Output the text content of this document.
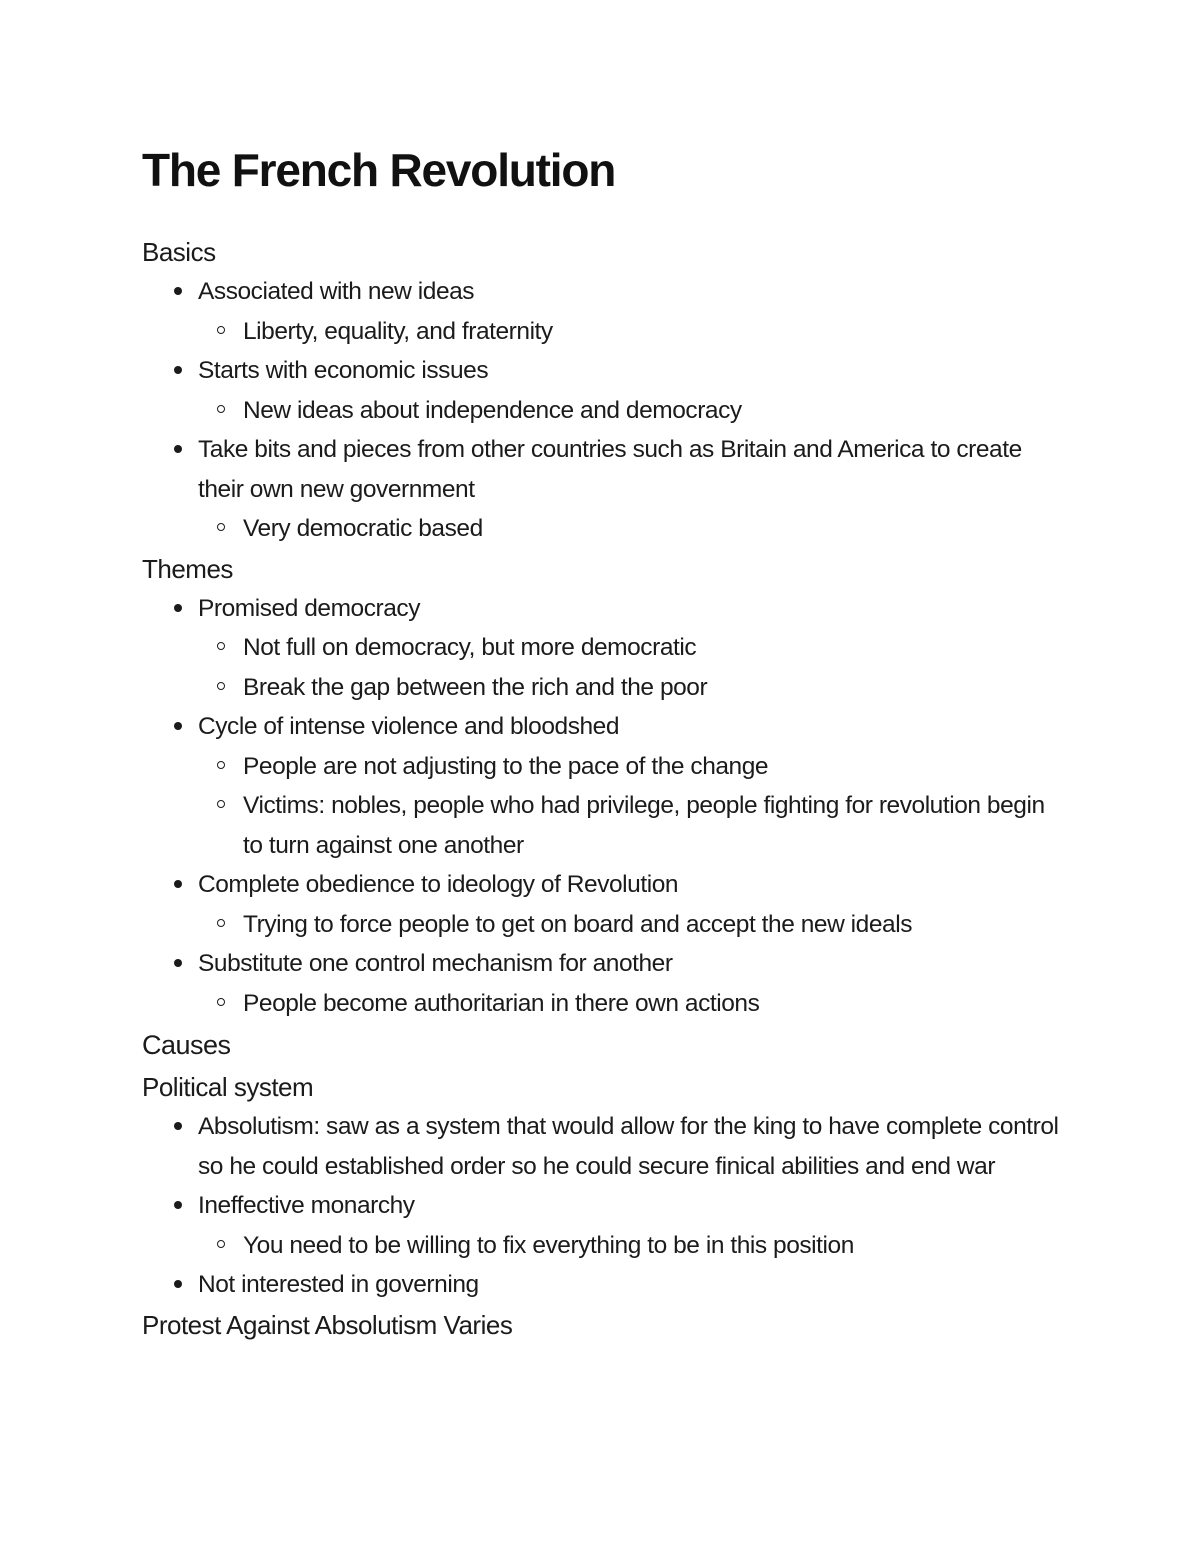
The French Revolution

Basics

Associated with new ideas
Liberty, equality, and fraternity
Starts with economic issues
New ideas about independence and democracy
Take bits and pieces from other countries such as Britain and America to create their own new government
Very democratic based

Themes

Promised democracy
Not full on democracy, but more democratic
Break the gap between the rich and the poor
Cycle of intense violence and bloodshed
People are not adjusting to the pace of the change
Victims: nobles, people who had privilege, people fighting for revolution begin to turn against one another
Complete obedience to ideology of Revolution
Trying to force people to get on board and accept the new ideals
Substitute one control mechanism for another
People become authoritarian in there own actions

Causes

Political system

Absolutism: saw as a system that would allow for the king to have complete control so he could established order so he could secure finical abilities and end war
Ineffective monarchy
You need to be willing to fix everything to be in this position
Not interested in governing

Protest Against Absolutism Varies
